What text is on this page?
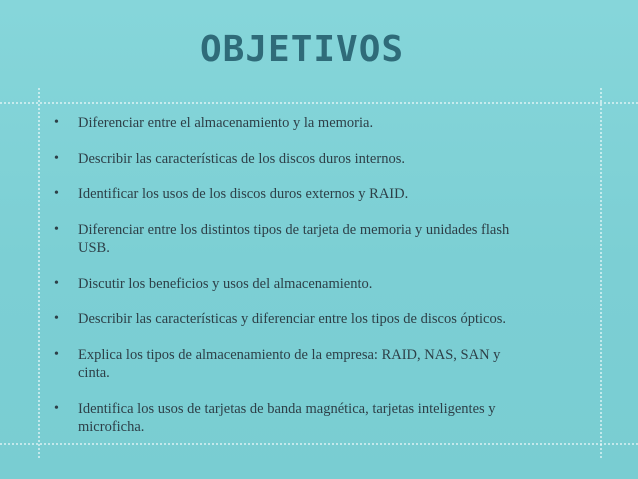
OBJETIVOS
• Diferenciar entre el almacenamiento y la memoria.
• Describir las características de los discos duros internos.
• Identificar los usos de los discos duros externos y RAID.
• Diferenciar entre los distintos tipos de tarjeta de memoria y unidades flash USB.
• Discutir los beneficios y usos del almacenamiento.
• Describir las características y diferenciar entre los tipos de discos ópticos.
• Explica los tipos de almacenamiento de la empresa: RAID, NAS, SAN y cinta.
• Identifica los usos de tarjetas de banda magnética, tarjetas inteligentes y microficha.
